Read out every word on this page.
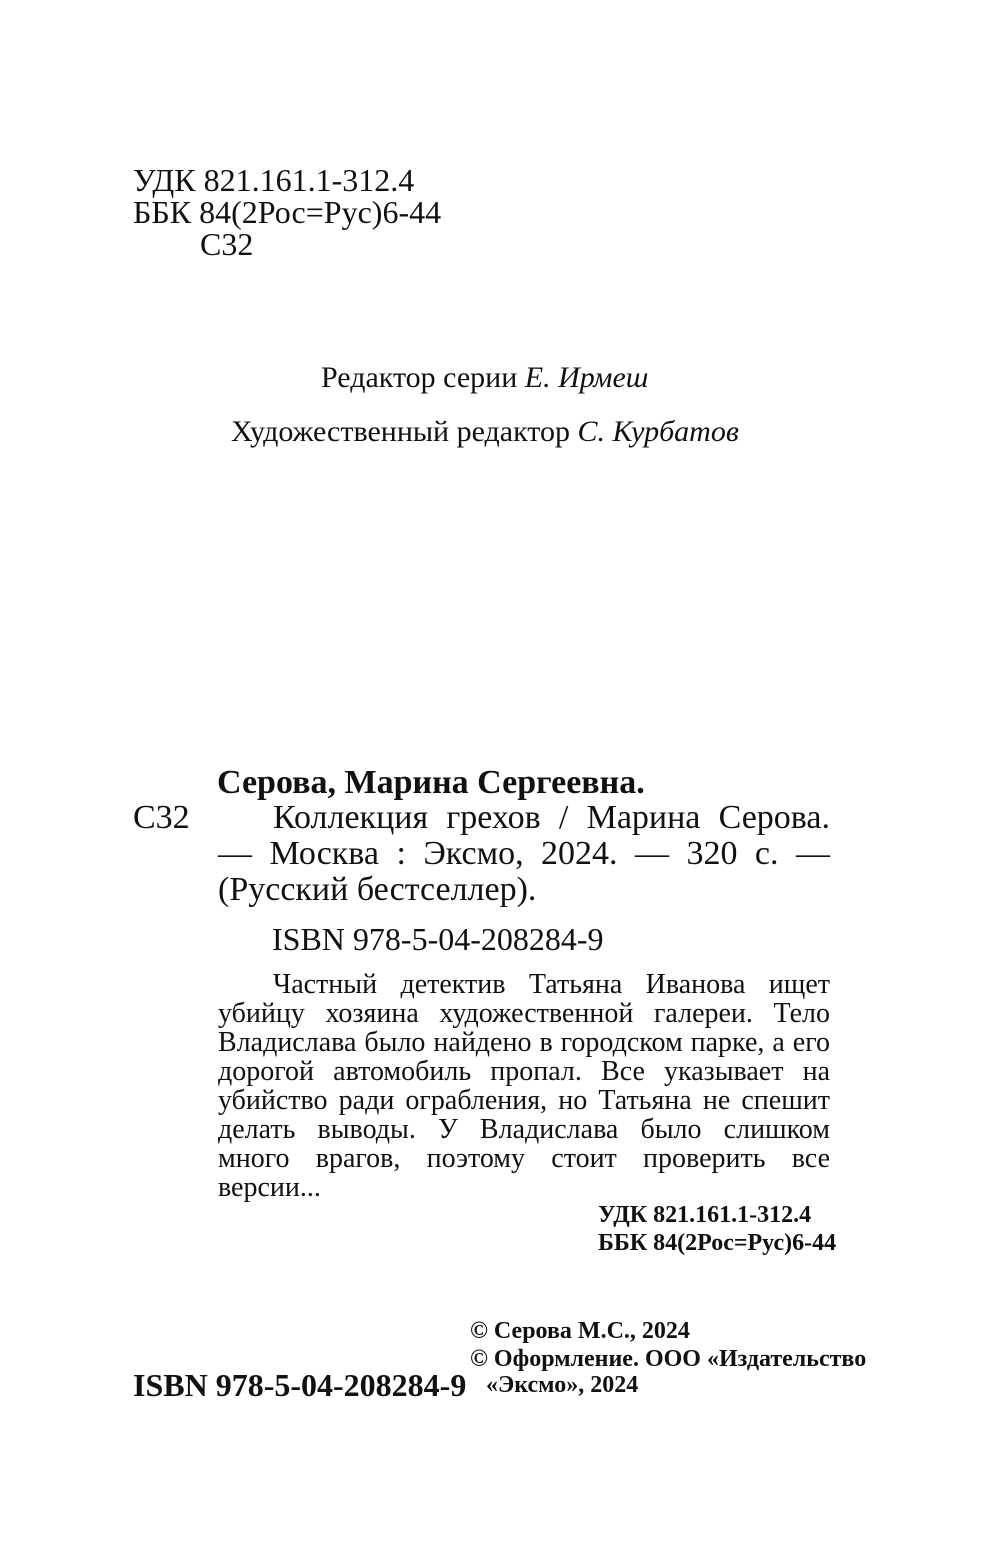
УДК 821.161.1-312.4
ББК 84(2Рос=Рус)6-44
С32
Редактор серии Е. Ирмеш
Художественный редактор С. Курбатов
Серова, Марина Сергеевна.
С32	Коллекция грехов / Марина Серова. — Москва : Эксмо, 2024. — 320 с. — (Русский бестселлер).
ISBN 978-5-04-208284-9
Частный детектив Татьяна Иванова ищет убийцу хозяина художественной галереи. Тело Владислава было найдено в городском парке, а его дорогой автомобиль пропал. Все указывает на убийство ради ограбления, но Татьяна не спешит делать выводы. У Владислава было слишком много врагов, поэтому стоит проверить все версии...
УДК 821.161.1-312.4
ББК 84(2Рос=Рус)6-44
© Серова М.С., 2024
© Оформление. ООО «Издательство
«Эксмо», 2024
ISBN 978-5-04-208284-9
